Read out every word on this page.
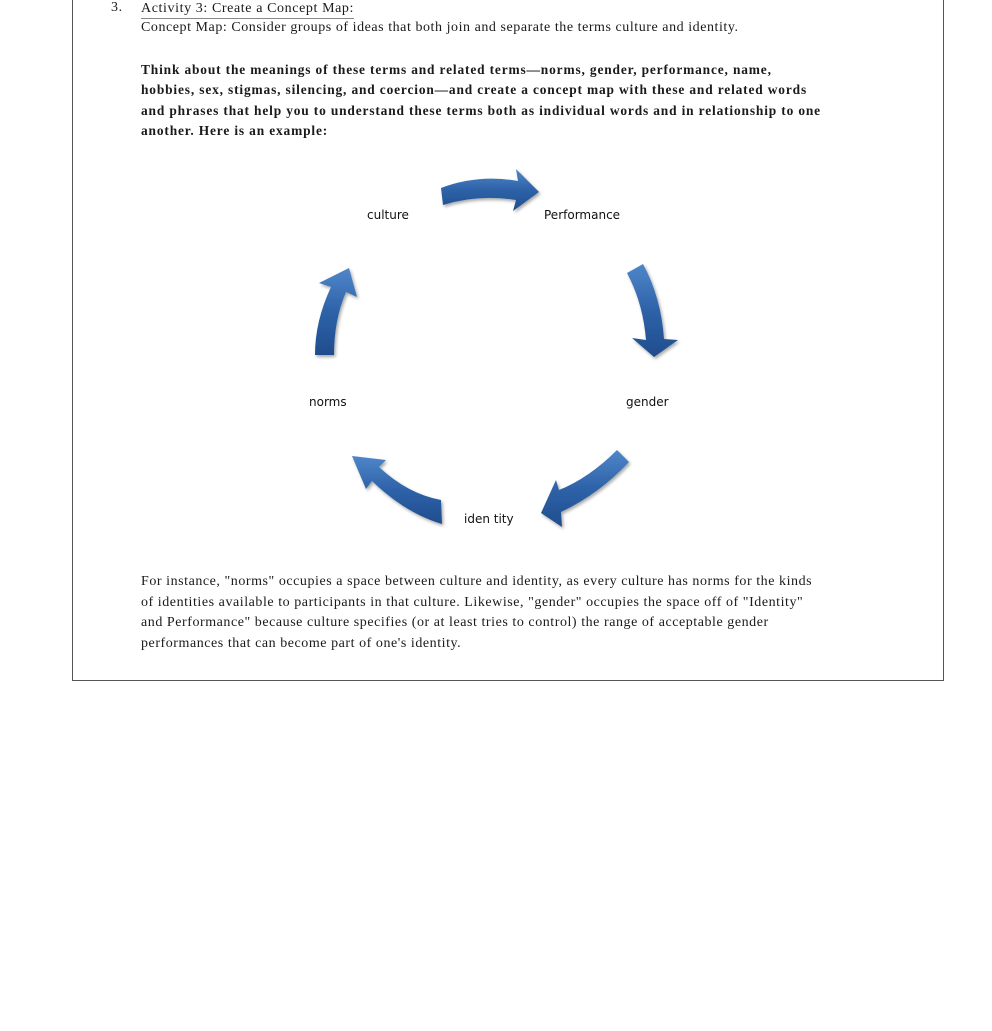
3. Activity 3: Create a Concept Map:
Concept Map: Consider groups of ideas that both join and separate the terms culture and identity.
Think about the meanings of these terms and related terms—norms, gender, performance, name,
hobbies, sex, stigmas, silencing, and coercion—and create a concept map with these and related words
and phrases that help you to understand these terms both as individual words and in relationship to one
another. Here is an example:
culture	Performance
gender
iden tity
norms
For instance, "norms" occupies a space between culture and identity, as every culture has norms for the kinds
of identities available to participants in that culture. Likewise, "gender" occupies the space off of "Identity"
and Performance" because culture specifies (or at least tries to control) the range of acceptable gender
performances that can become part of one's identity.
